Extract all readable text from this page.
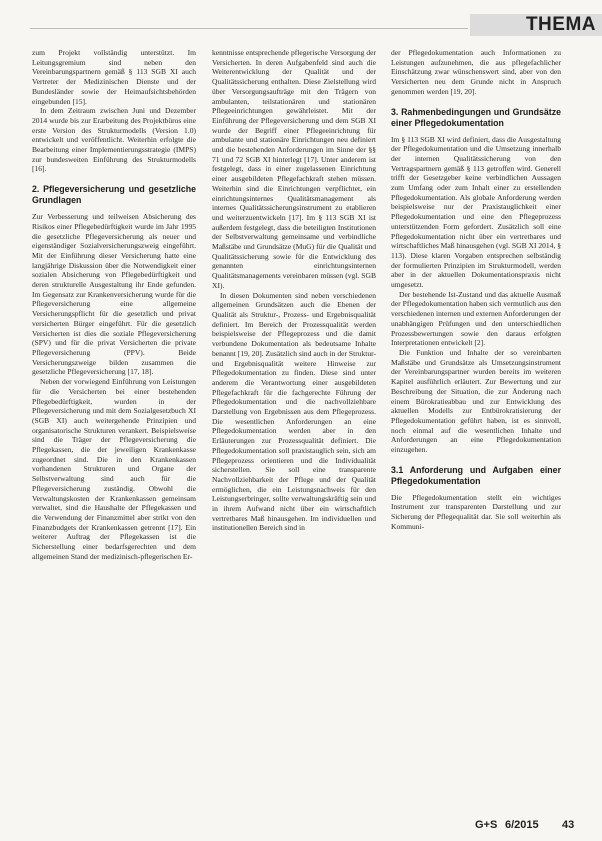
THEMA

zum Projekt vollständig unterstützt. Im Leitungsgremium sind neben den Vereinbarungspartnern gemäß § 113 SGB XI auch Vertreter der Medizinischen Dienste und der Bundesländer sowie der Heimaufsichtsbehörden eingebunden [15].

In dem Zeitraum zwischen Juni und Dezember 2014 wurde bis zur Erarbeitung des Projektbüros eine erste Version des Strukturmodells (Version 1.0) entwickelt und veröffentlicht. Weiterhin erfolgte die Bearbeitung einer Implementierungsstrategie (IMPS) zur bundesweiten Einführung des Strukturmodells [16].

2. Pflegeversicherung und gesetzliche Grundlagen

Zur Verbesserung und teilweisen Absicherung des Risikos einer Pflegebedürftigkeit wurde im Jahr 1995 die gesetzliche Pflegeversicherung als neuer und eigenständiger Sozialversicherungszweig eingeführt. Mit der Einführung dieser Versicherung hatte eine langjährige Diskussion über die Notwendigkeit einer sozialen Absicherung von Pflegebedürftigkeit und deren strukturelle Ausgestaltung ihr Ende gefunden. Im Gegensatz zur Krankenversicherung wurde für die Pflegeversicherung eine allgemeine Versicherungspflicht für die gesetzlich und privat versicherten Bürger eingeführt. Für die gesetzlich Versicherten ist dies die soziale Pflegeversicherung (SPV) und für die privat Versicherten die private Pflegeversicherung (PPV). Beide Versicherungszweige bilden zusammen die gesetzliche Pflegeversicherung [17, 18].

Neben der vorwiegend Einführung von Leistungen für die Versicherten bei einer bestehenden Pflegebedürftigkeit, wurden in der Pflegeversicherung und mit dem Sozialgesetzbuch XI (SGB XI) auch weitergehende Prinzipien und organisatorische Strukturen verankert. Beispielsweise sind die Träger der Pflegeversicherung die Pflegekassen, die der jeweiligen Krankenkasse zugeordnet sind. Die in den Krankenkassen vorhandenen Strukturen und Organe der Selbstverwaltung sind auch für die Pflegeversicherung zuständig. Obwohl die Verwaltungskosten der Krankenkassen gemeinsam verwaltet, sind die Haushalte der Pflegekassen und die Verwendung der Finanzmittel aber strikt von den Finanzbudgets der Krankenkassen getrennt [17]. Ein weiterer Auftrag der Pflegekassen ist die Sicherstellung einer bedarfsgerechten und dem allgemeinen Stand der medizinisch-pflegerischen Er-

kenntnisse entsprechende pflegerische Versorgung der Versicherten. In deren Aufgabenfeld sind auch die Weiterentwicklung der Qualität und der Qualitätssicherung enthalten. Diese Zielstellung wird über Versorgungsaufträge mit den Trägern von ambulanten, teilstationären und stationären Pflegeeinrichtungen gewährleistet. Mit der Einführung der Pflegeversicherung und dem SGB XI wurde der Begriff einer Pflegeeinrichtung für ambulante und stationäre Einrichtungen neu definiert und die bestehenden Anforderungen im Sinne der §§ 71 und 72 SGB XI hinterlegt [17]. Unter anderem ist festgelegt, dass in einer zugelassenen Einrichtung einer ausgebildeten Pflegefachkraft stehen müssen. Weiterhin sind die Einrichtungen verpflichtet, ein einrichtungsinternes Qualitätsmanagement als internes Qualitätssicherungsinstrument zu etablieren und weiterzuentwickeln [17]. Im § 113 SGB XI ist außerdem festgelegt, dass die beteiligten Institutionen der Selbstverwaltung gemeinsame und verbindliche Maßstäbe und Grundsätze (MuG) für die Qualität und Qualitätssicherung sowie für die Entwicklung des genannten einrichtungsinternen Qualitätsmanagements vereinbaren müssen (vgl. SGB XI).

In diesen Dokumenten sind neben verschiedenen allgemeinen Grundsätzen auch die Ebenen der Qualität als Struktur-, Prozess- und Ergebnisqualität definiert. Im Bereich der Prozessqualität werden beispielsweise der Pflegeprozess und die damit verbundene Dokumentation als bedeutsame Inhalte benannt [19, 20]. Zusätzlich sind auch in der Struktur- und Ergebnisqualität weitere Hinweise zur Pflegedokumentation zu finden. Diese sind unter anderem die Verantwortung einer ausgebildeten Pflegefachkraft für die fachgerechte Führung der Pflegedokumentation und die nachvollziehbare Darstellung von Ergebnissen aus dem Pflegeprozess. Die wesentlichen Anforderungen an eine Pflegedokumentation werden aber in den Erläuterungen zur Prozessqualität definiert. Die Pflegedokumentation soll praxistauglich sein, sich am Pflegeprozess orientieren und die Individualität sicherstellen. Sie soll eine transparente Nachvollziehbarkeit der Pflege und der Qualität ermöglichen, die ein Leistungsnachweis für den Leistungserbringer, sollte verwaltungskräftig sein und in ihrem Aufwand nicht über ein wirtschaftlich vertretbares Maß hinausgehen. Im individuellen und institutionellen Bereich sind in

der Pflegedokumentation auch Informationen zu Leistungen aufzunehmen, die aus pflegefachlicher Einschätzung zwar wünschenswert sind, aber von den Versicherten neu dem Grunde nicht in Anspruch genommen werden [19, 20].

3. Rahmenbedingungen und Grundsätze einer Pflegedokumentation

Im § 113 SGB XI wird definiert, dass die Ausgestaltung der Pflegedokumentation und die Umsetzung innerhalb der internen Qualitätssicherung von den Vertragspartnern gemäß § 113 getroffen wird. Generell trifft der Gesetzgeber keine verbindlichen Aussagen zum Umfang oder zum Inhalt einer zu erstellenden Pflegedokumentation. Als globale Anforderung werden beispielsweise nur der Praxistauglichkeit einer Pflegedokumentation und eine den Pflegeprozess unterstützenden Form gefordert. Zusätzlich soll eine Pflegedokumentation nicht über ein vertretbares und wirtschaftliches Maß hinausgehen (vgl. SGB XI 2014, § 113). Diese klaren Vorgaben entsprechen selbständig der formulierten Prinzipien im Strukturmodell, werden aber in der aktuellen Dokumentationspraxis nicht umgesetzt.

Der bestehende Ist-Zustand und das aktuelle Ausmaß der Pflegedokumentation haben sich vermutlich aus den verschiedenen internen und externen Anforderungen der unabhängigen Prüfungen und den unterschiedlichen Prozessbewertungen sowie den daraus erfolgten Interpretationen entwickelt [2].

Die Funktion und Inhalte der so vereinbarten Maßstäbe und Grundsätze als Umsetzungsinstrument der Vereinbarungspartner wurden bereits im weiteren Kapitel ausführlich erläutert. Zur Bewertung und zur Beschreibung der Situation, die zur Änderung nach einem Bürokratieabbau und zur Entwicklung des aktuellen Modells zur Entbürokratisierung der Pflegedokumentation geführt haben, ist es sinnvoll, noch einmal auf die wesentlichen Inhalte und Anforderungen an eine Pflegedokumentation einzugehen.

3.1 Anforderung und Aufgaben einer Pflegedokumentation

Die Pflegedokumentation stellt ein wichtiges Instrument zur transparenten Darstellung und zur Sicherung der Pflegequalität dar. Sie soll weiterhin als Kommuni-

G+S 6/2015 43
